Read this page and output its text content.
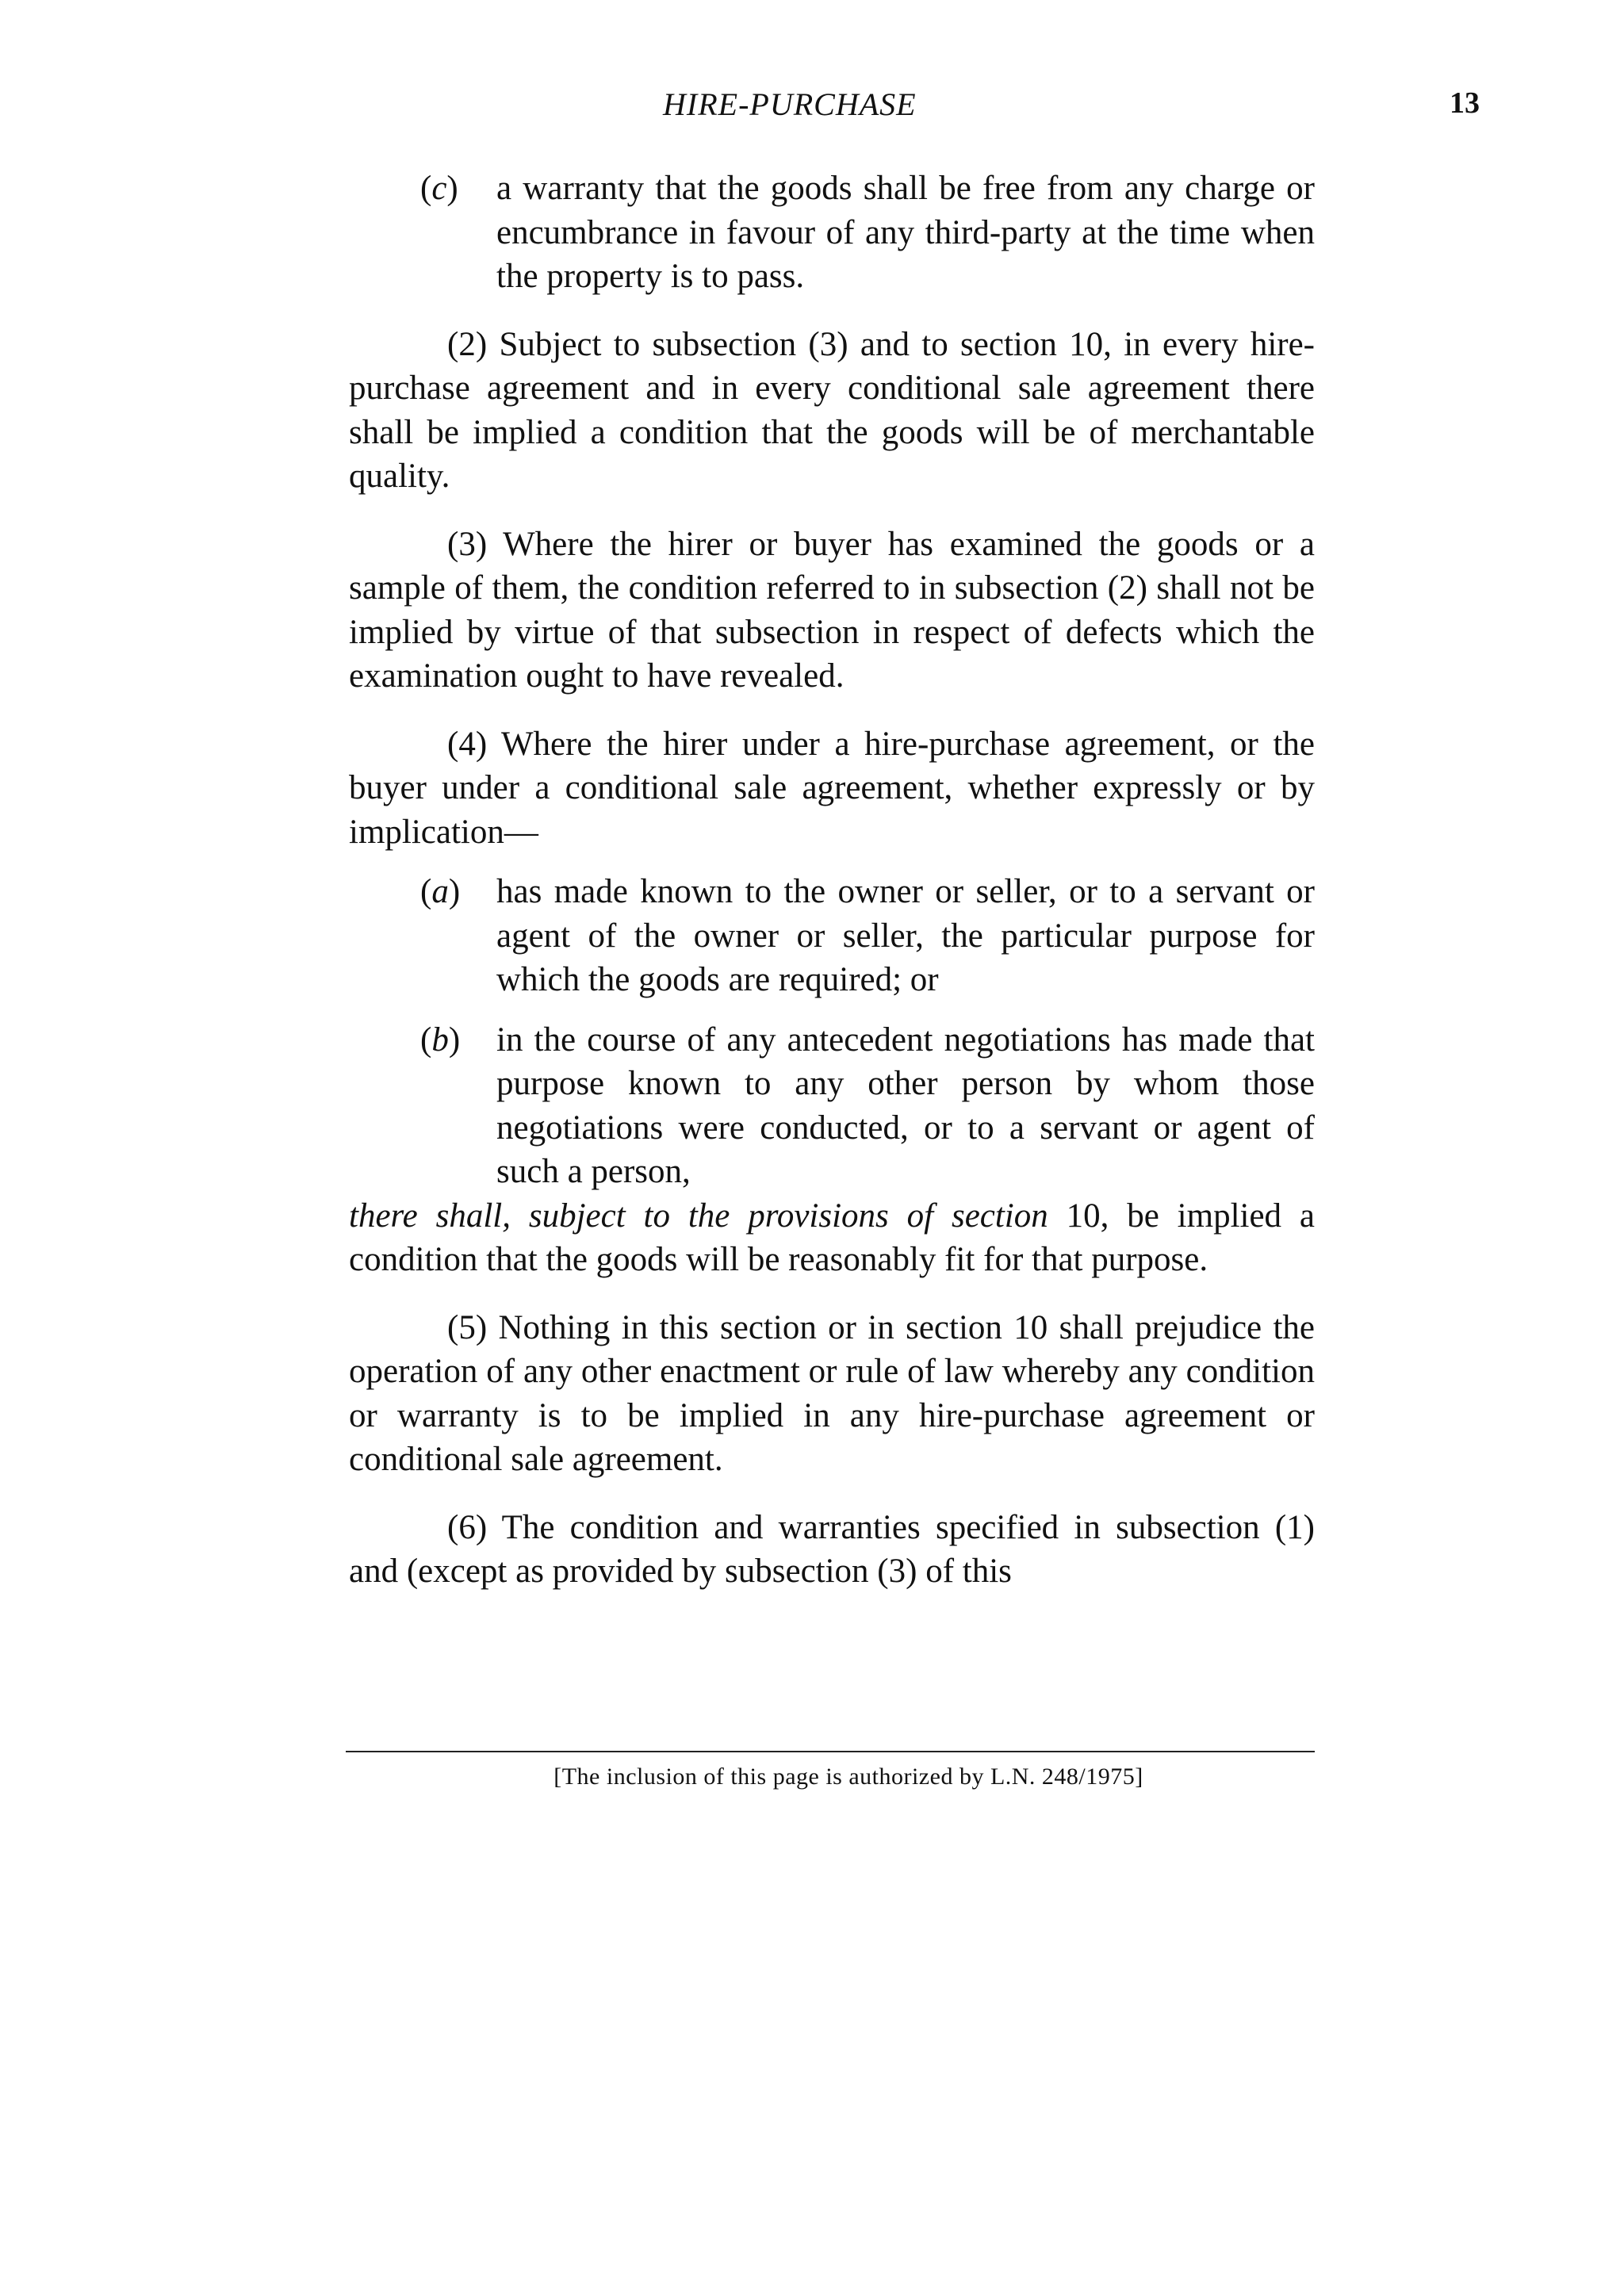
HIRE-PURCHASE	13
(c)	a warranty that the goods shall be free from any charge or encumbrance in favour of any third-party at the time when the property is to pass.

(2) Subject to subsection (3) and to section 10, in every hire-purchase agreement and in every conditional sale agreement there shall be implied a condition that the goods will be of merchantable quality.

(3) Where the hirer or buyer has examined the goods or a sample of them, the condition referred to in subsection (2) shall not be implied by virtue of that subsection in respect of defects which the examination ought to have revealed.

(4) Where the hirer under a hire-purchase agreement, or the buyer under a conditional sale agreement, whether expressly or by implication—

(a)	has made known to the owner or seller, or to a servant or agent of the owner or seller, the particular purpose for which the goods are required; or
(b)	in the course of any antecedent negotiations has made that purpose known to any other person by whom those negotiations were conducted, or to a servant or agent of such a person,

there shall, subject to the provisions of section 10, be implied a condition that the goods will be reasonably fit for that purpose.

(5) Nothing in this section or in section 10 shall prejudice the operation of any other enactment or rule of law whereby any condition or warranty is to be implied in any hire-purchase agreement or conditional sale agreement.

(6) The condition and warranties specified in subsection (1) and (except as provided by subsection (3) of this

[The inclusion of this page is authorized by L.N. 248/1975]
